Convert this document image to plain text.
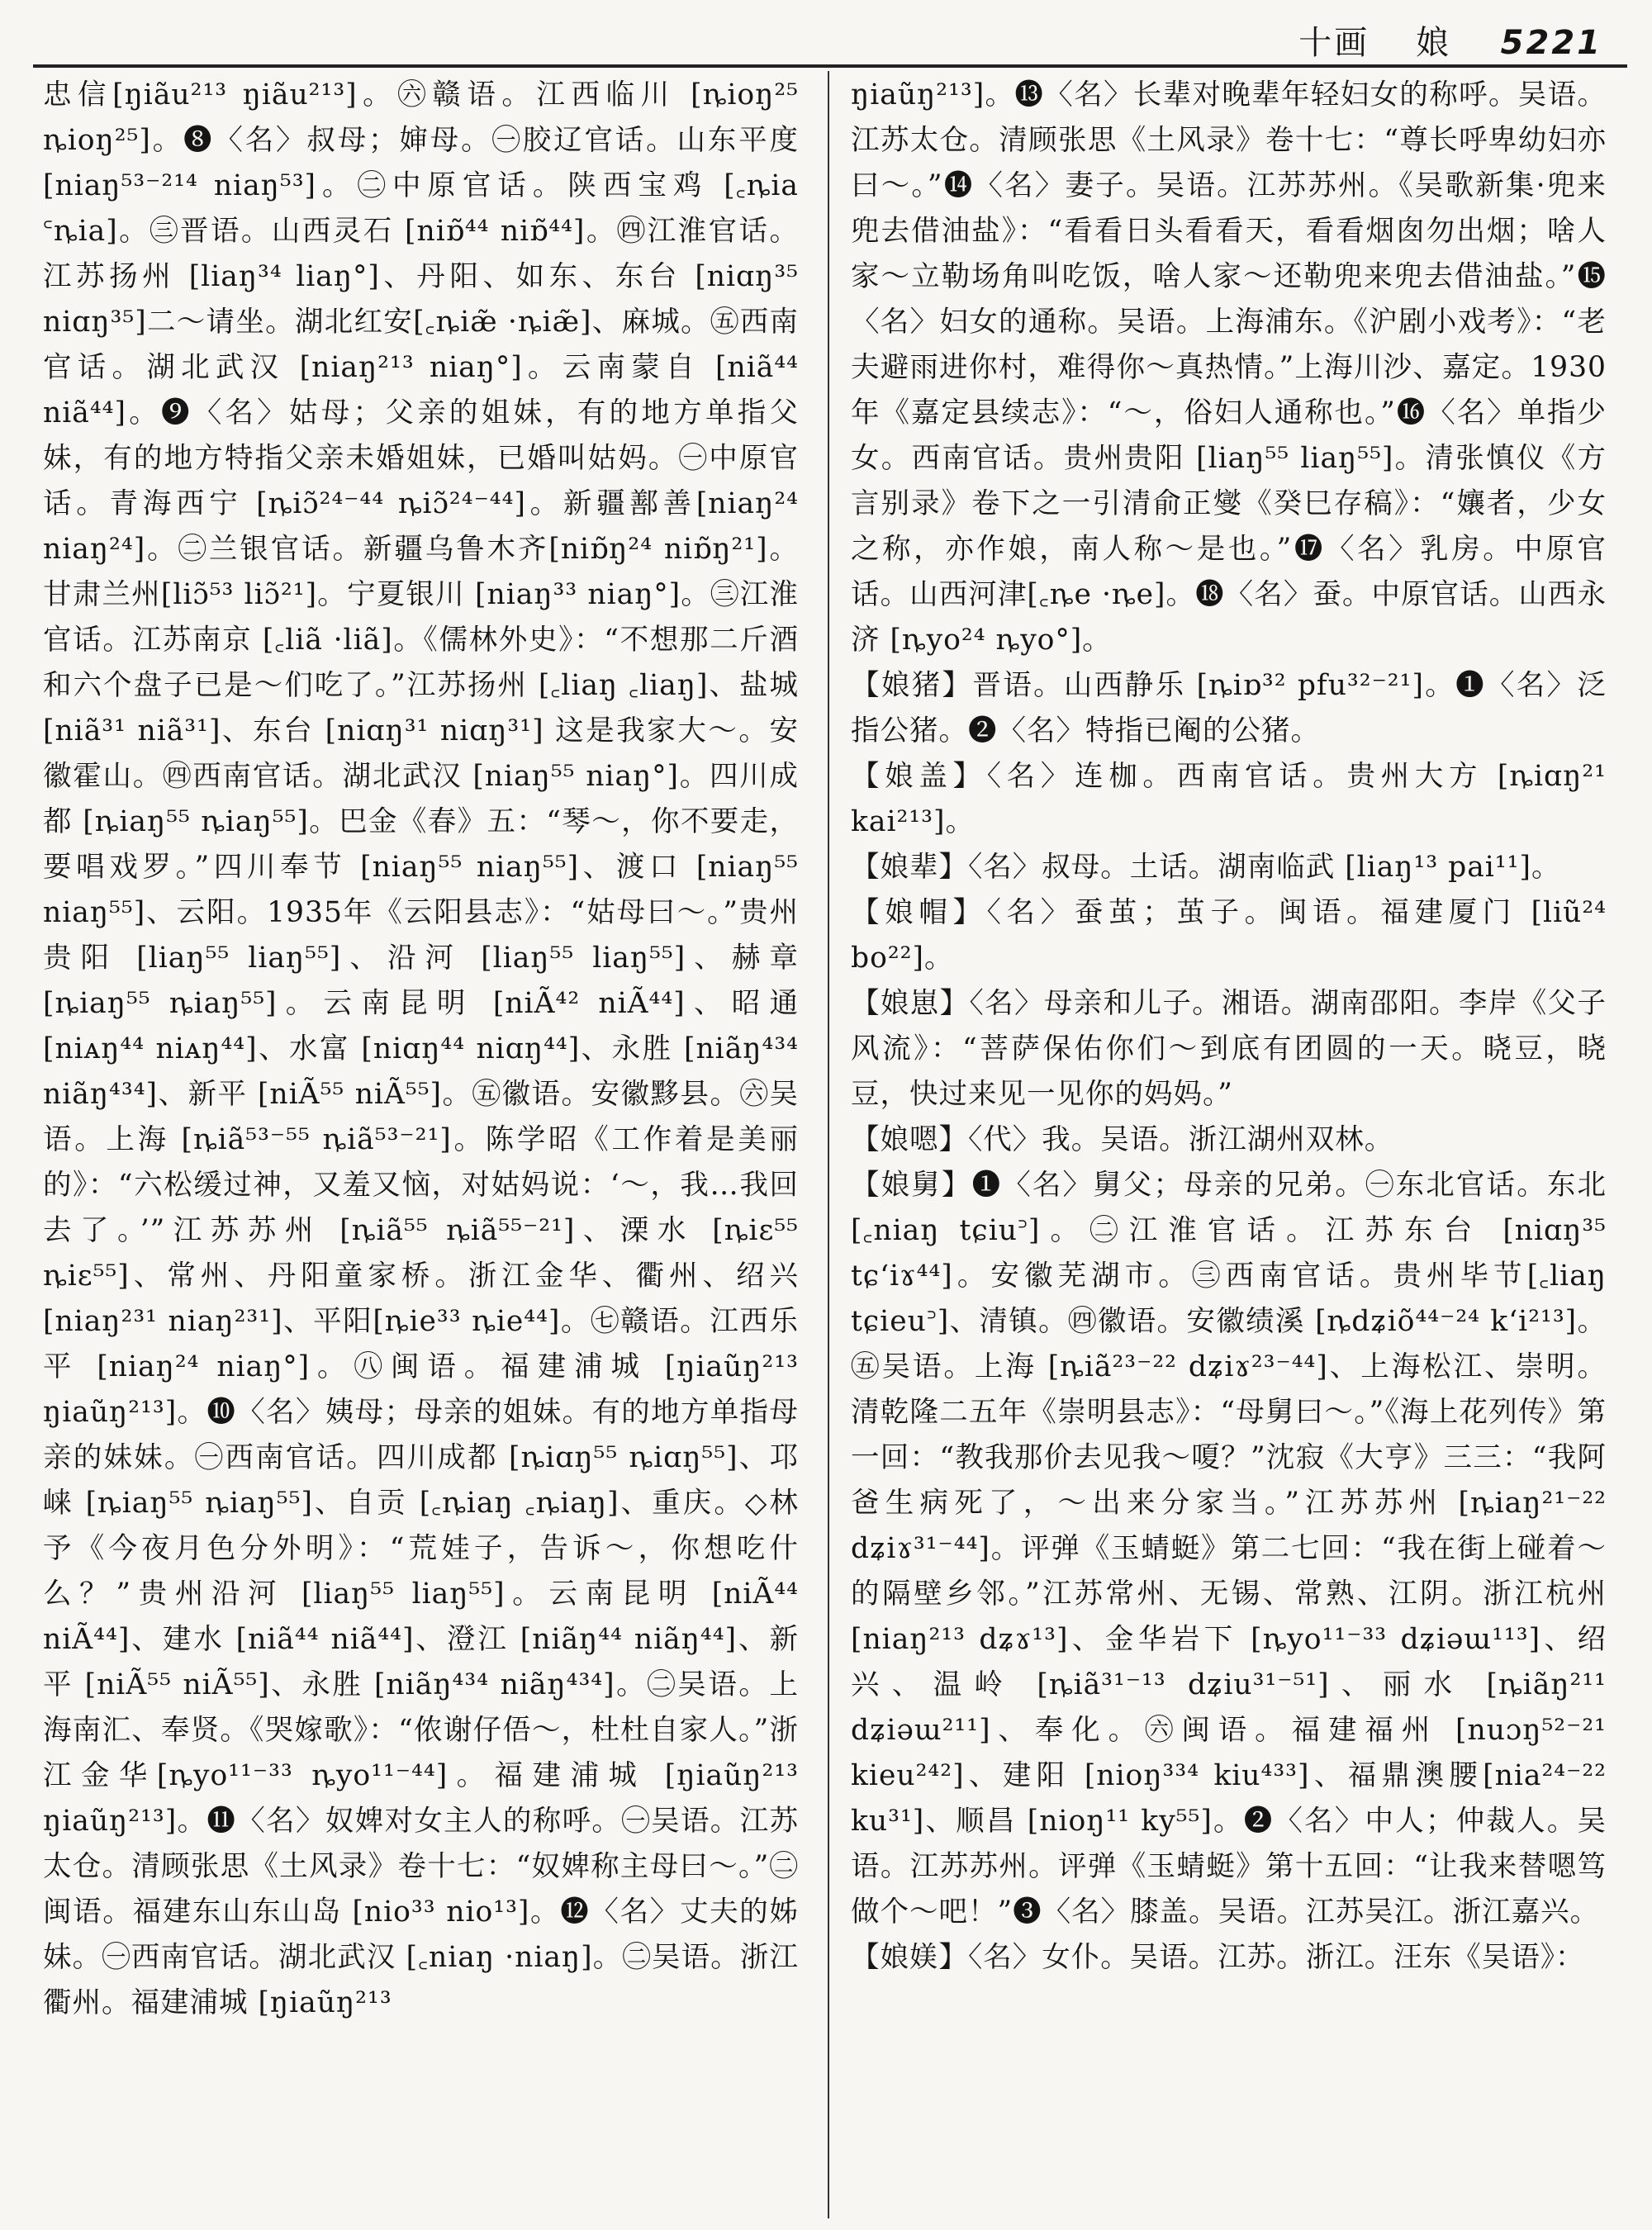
十画 娘 5221

忠信[ŋiãu²¹³ ŋiãu²¹³]。㊅赣语。江西临川 [ȵioŋ²⁵ ȵioŋ²⁵]。❽〈名〉叔母；婶母。㊀胶辽官话。山东平度 [niaŋ⁵³⁻²¹⁴ niaŋ⁵³]。㊁中原官话。陕西宝鸡 [꜀ȵia ꜂ȵia]。㊂晋语。山西灵石 [niɒ̃⁴⁴ niɒ̃⁴⁴]。㊃江淮官话。江苏扬州 [liaŋ³⁴ liaŋ°]、丹阳、如东、东台 [niɑŋ³⁵ niɑŋ³⁵]二～请坐。湖北红安[꜀ȵiæ̃ ·ȵiæ̃]、麻城。㊄西南官话。湖北武汉 [niaŋ²¹³ niaŋ°]。云南蒙自 [niã⁴⁴ niã⁴⁴]。❾〈名〉姑母；父亲的姐妹，有的地方单指父妹，有的地方特指父亲未婚姐妹，已婚叫姑妈。㊀中原官话。青海西宁 [ȵiɔ̃²⁴⁻⁴⁴ ȵiɔ̃²⁴⁻⁴⁴]。新疆鄯善[niaŋ²⁴ niaŋ²⁴]。㊁兰银官话。新疆乌鲁木齐[niɒ̃ŋ²⁴ niɒ̃ŋ²¹]。甘肃兰州[liɔ̃⁵³ liɔ̃²¹]。宁夏银川 [niaŋ³³ niaŋ°]。㊂江淮官话。江苏南京 [꜀liã ·liã]。《儒林外史》：“不想那二斤酒和六个盘子已是～们吃了。”江苏扬州 [꜀liaŋ ꜀liaŋ]、盐城 [niã³¹ niã³¹]、东台 [niɑŋ³¹ niɑŋ³¹] 这是我家大～。安徽霍山。㊃西南官话。湖北武汉 [niaŋ⁵⁵ niaŋ°]。四川成都 [ȵiaŋ⁵⁵ ȵiaŋ⁵⁵]。巴金《春》五：“琴～，你不要走，要唱戏罗。”四川奉节 [niaŋ⁵⁵ niaŋ⁵⁵]、渡口 [niaŋ⁵⁵ niaŋ⁵⁵]、云阳。1935年《云阳县志》：“姑母曰～。”贵州贵阳 [liaŋ⁵⁵ liaŋ⁵⁵]、沿河 [liaŋ⁵⁵ liaŋ⁵⁵]、赫章 [ȵiaŋ⁵⁵ ȵiaŋ⁵⁵]。云南昆明 [niÃ⁴² niÃ⁴⁴]、昭通 [niᴀŋ⁴⁴ niᴀŋ⁴⁴]、水富 [niɑŋ⁴⁴ niɑŋ⁴⁴]、永胜 [niãŋ⁴³⁴ niãŋ⁴³⁴]、新平 [niÃ⁵⁵ niÃ⁵⁵]。㊄徽语。安徽黟县。㊅吴语。上海 [ȵiã⁵³⁻⁵⁵ ȵiã⁵³⁻²¹]。陈学昭《工作着是美丽的》：“六松缓过神，又羞又恼，对姑妈说：‘～，我…我回去了。’”江苏苏州 [ȵiã⁵⁵ ȵiã⁵⁵⁻²¹]、溧水 [ȵiɛ⁵⁵ ȵiɛ⁵⁵]、常州、丹阳童家桥。浙江金华、衢州、绍兴 [niaŋ²³¹ niaŋ²³¹]、平阳[ȵie³³ ȵie⁴⁴]。㊆赣语。江西乐平 [niaŋ²⁴ niaŋ°]。㊇闽语。福建浦城 [ŋiaũŋ²¹³ ŋiaũŋ²¹³]。❿〈名〉姨母；母亲的姐妹。有的地方单指母亲的妹妹。㊀西南官话。四川成都 [ȵiɑŋ⁵⁵ ȵiɑŋ⁵⁵]、邛崃 [ȵiaŋ⁵⁵ ȵiaŋ⁵⁵]、自贡 [꜀ȵiaŋ ꜀ȵiaŋ]、重庆。◇林予《今夜月色分外明》：“荒娃子，告诉～，你想吃什么？”贵州沿河 [liaŋ⁵⁵ liaŋ⁵⁵]。云南昆明 [niÃ⁴⁴ niÃ⁴⁴]、建水 [niã⁴⁴ niã⁴⁴]、澄江 [niãŋ⁴⁴ niãŋ⁴⁴]、新平 [niÃ⁵⁵ niÃ⁵⁵]、永胜 [niãŋ⁴³⁴ niãŋ⁴³⁴]。㊁吴语。上海南汇、奉贤。《哭嫁歌》：“侬谢仔俉～，杜杜自家人。”浙江金华[ȵyo¹¹⁻³³ ȵyo¹¹⁻⁴⁴]。福建浦城 [ŋiaũŋ²¹³ ŋiaũŋ²¹³]。⓫〈名〉奴婢对女主人的称呼。㊀吴语。江苏太仓。清顾张思《土风录》卷十七：“奴婢称主母曰～。”㊁闽语。福建东山东山岛 [nio³³ nio¹³]。⓬〈名〉丈夫的姊妹。㊀西南官话。湖北武汉 [꜀niaŋ ·niaŋ]。㊁吴语。浙江衢州。福建浦城 [ŋiaũŋ²¹³

ŋiaũŋ²¹³]。⓭〈名〉长辈对晚辈年轻妇女的称呼。吴语。江苏太仓。清顾张思《土风录》卷十七：“尊长呼卑幼妇亦曰～。”⓮〈名〉妻子。吴语。江苏苏州。《吴歌新集·兜来兜去借油盐》：“看看日头看看天，看看烟囱勿出烟；啥人家～立勒场角叫吃饭，啥人家～还勒兜来兜去借油盐。”⓯〈名〉妇女的通称。吴语。上海浦东。《沪剧小戏考》：“老夫避雨进你村，难得你～真热情。”上海川沙、嘉定。1930年《嘉定县续志》：“～，俗妇人通称也。”⓰〈名〉单指少女。西南官话。贵州贵阳 [liaŋ⁵⁵ liaŋ⁵⁵]。清张慎仪《方言别录》卷下之一引清俞正燮《癸巳存稿》：“孃者，少女之称，亦作娘，南人称～是也。”⓱〈名〉乳房。中原官话。山西河津[꜀ȵe ·ȵe]。⓲〈名〉蚕。中原官话。山西永济 [ȵyo²⁴ ȵyo°]。

【娘猪】晋语。山西静乐 [ȵiɒ³² pfu³²⁻²¹]。❶〈名〉泛指公猪。❷〈名〉特指已阉的公猪。

【娘盖】〈名〉连枷。西南官话。贵州大方 [ȵiɑŋ²¹ kai²¹³]。

【娘辈】〈名〉叔母。土话。湖南临武 [liaŋ¹³ pai¹¹]。

【娘帽】〈名〉蚕茧；茧子。闽语。福建厦门 [liũ²⁴ bo²²]。

【娘崽】〈名〉母亲和儿子。湘语。湖南邵阳。李岸《父子风流》：“菩萨保佑你们～到底有团圆的一天。晓豆，晓豆，快过来见一见你的妈妈。”

【娘嗯】〈代〉我。吴语。浙江湖州双林。

【娘舅】❶〈名〉舅父；母亲的兄弟。㊀东北官话。东北 [꜀niaŋ tɕiu꜄]。㊁江淮官话。江苏东台 [niɑŋ³⁵ tɕʻiɤ⁴⁴]。安徽芜湖市。㊂西南官话。贵州毕节[꜀liaŋ tɕieu꜄]、清镇。㊃徽语。安徽绩溪 [ȵdʑiõ⁴⁴⁻²⁴ kʻi²¹³]。㊄吴语。上海 [ȵiã²³⁻²² dʑiɤ²³⁻⁴⁴]、上海松江、崇明。清乾隆二五年《崇明县志》：“母舅曰～。”《海上花列传》第一回：“教我那价去见我～嗄？”沈寂《大亨》三三：“我阿爸生病死了，～出来分家当。”江苏苏州 [ȵiaŋ²¹⁻²² dʑiɤ³¹⁻⁴⁴]。评弹《玉蜻蜓》第二七回：“我在街上碰着～的隔壁乡邻。”江苏常州、无锡、常熟、江阴。浙江杭州 [niaŋ²¹³ dʑɤ¹³]、金华岩下 [ȵyo¹¹⁻³³ dʑiəɯ¹¹³]、绍兴、温岭 [ȵiã³¹⁻¹³ dʑiu³¹⁻⁵¹]、丽水 [ȵiãŋ²¹¹ dʑiəɯ²¹¹]、奉化。㊅闽语。福建福州 [nuɔŋ⁵²⁻²¹ kieu²⁴²]、建阳 [nioŋ³³⁴ kiu⁴³³]、福鼎澳腰[nia²⁴⁻²² ku³¹]、顺昌 [nioŋ¹¹ ky⁵⁵]。❷〈名〉中人；仲裁人。吴语。江苏苏州。评弹《玉蜻蜓》第十五回：“让我来替嗯笃做个～吧！”❸〈名〉膝盖。吴语。江苏吴江。浙江嘉兴。

【娘媄】〈名〉女仆。吴语。江苏。浙江。汪东《吴语》：
